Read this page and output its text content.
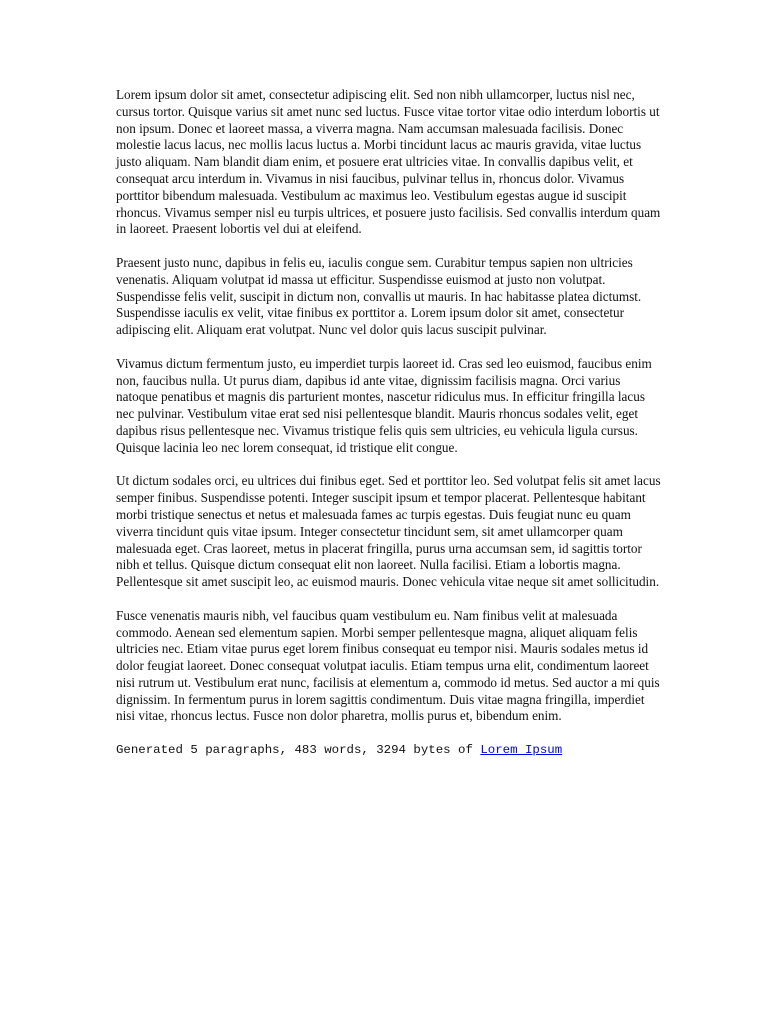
Lorem ipsum dolor sit amet, consectetur adipiscing elit. Sed non nibh ullamcorper, luctus nisl nec, cursus tortor. Quisque varius sit amet nunc sed luctus. Fusce vitae tortor vitae odio interdum lobortis ut non ipsum. Donec et laoreet massa, a viverra magna. Nam accumsan malesuada facilisis. Donec molestie lacus lacus, nec mollis lacus luctus a. Morbi tincidunt lacus ac mauris gravida, vitae luctus justo aliquam. Nam blandit diam enim, et posuere erat ultricies vitae. In convallis dapibus velit, et consequat arcu interdum in. Vivamus in nisi faucibus, pulvinar tellus in, rhoncus dolor. Vivamus porttitor bibendum malesuada. Vestibulum ac maximus leo. Vestibulum egestas augue id suscipit rhoncus. Vivamus semper nisl eu turpis ultrices, et posuere justo facilisis. Sed convallis interdum quam in laoreet. Praesent lobortis vel dui at eleifend.

Praesent justo nunc, dapibus in felis eu, iaculis congue sem. Curabitur tempus sapien non ultricies venenatis. Aliquam volutpat id massa ut efficitur. Suspendisse euismod at justo non volutpat. Suspendisse felis velit, suscipit in dictum non, convallis ut mauris. In hac habitasse platea dictumst. Suspendisse iaculis ex velit, vitae finibus ex porttitor a. Lorem ipsum dolor sit amet, consectetur adipiscing elit. Aliquam erat volutpat. Nunc vel dolor quis lacus suscipit pulvinar.

Vivamus dictum fermentum justo, eu imperdiet turpis laoreet id. Cras sed leo euismod, faucibus enim non, faucibus nulla. Ut purus diam, dapibus id ante vitae, dignissim facilisis magna. Orci varius natoque penatibus et magnis dis parturient montes, nascetur ridiculus mus. In efficitur fringilla lacus nec pulvinar. Vestibulum vitae erat sed nisi pellentesque blandit. Mauris rhoncus sodales velit, eget dapibus risus pellentesque nec. Vivamus tristique felis quis sem ultricies, eu vehicula ligula cursus. Quisque lacinia leo nec lorem consequat, id tristique elit congue.

Ut dictum sodales orci, eu ultrices dui finibus eget. Sed et porttitor leo. Sed volutpat felis sit amet lacus semper finibus. Suspendisse potenti. Integer suscipit ipsum et tempor placerat. Pellentesque habitant morbi tristique senectus et netus et malesuada fames ac turpis egestas. Duis feugiat nunc eu quam viverra tincidunt quis vitae ipsum. Integer consectetur tincidunt sem, sit amet ullamcorper quam malesuada eget. Cras laoreet, metus in placerat fringilla, purus urna accumsan sem, id sagittis tortor nibh et tellus. Quisque dictum consequat elit non laoreet. Nulla facilisi. Etiam a lobortis magna. Pellentesque sit amet suscipit leo, ac euismod mauris. Donec vehicula vitae neque sit amet sollicitudin.

Fusce venenatis mauris nibh, vel faucibus quam vestibulum eu. Nam finibus velit at malesuada commodo. Aenean sed elementum sapien. Morbi semper pellentesque magna, aliquet aliquam felis ultricies nec. Etiam vitae purus eget lorem finibus consequat eu tempor nisi. Mauris sodales metus id dolor feugiat laoreet. Donec consequat volutpat iaculis. Etiam tempus urna elit, condimentum laoreet nisi rutrum ut. Vestibulum erat nunc, facilisis at elementum a, commodo id metus. Sed auctor a mi quis dignissim. In fermentum purus in lorem sagittis condimentum. Duis vitae magna fringilla, imperdiet nisi vitae, rhoncus lectus. Fusce non dolor pharetra, mollis purus et, bibendum enim.

Generated 5 paragraphs, 483 words, 3294 bytes of Lorem Ipsum
